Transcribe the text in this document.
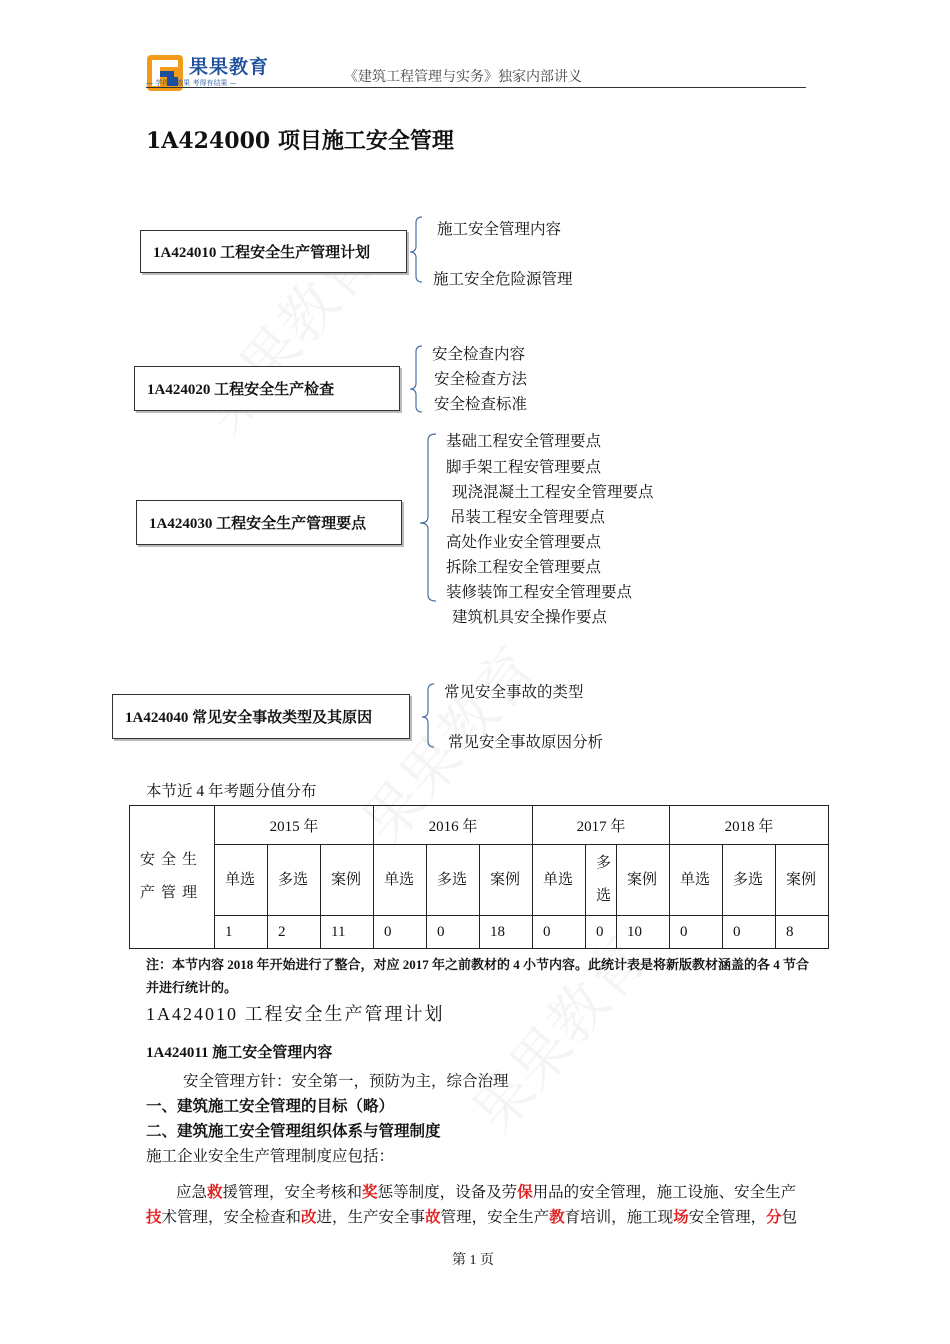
果果教育
— 学得有效果 考得有结果 —	《建筑工程管理与实务》独家内部讲义
1A424000 项目施工安全管理
1A424010 工程安全生产管理计划
施工安全管理内容
施工安全危险源管理
1A424020 工程安全生产检查
安全检查内容
安全检查方法
安全检查标准
1A424030 工程安全生产管理要点
基础工程安全管理要点
脚手架工程安管理要点
现浇混凝土工程安全管理要点
吊装工程安全管理要点
高处作业安全管理要点
拆除工程安全管理要点
装修装饰工程安全管理要点
建筑机具安全操作要点
1A424040 常见安全事故类型及其原因
常见安全事故的类型
常见安全事故原因分析
本节近 4 年考题分值分布
安全生产管理	2015 年			2016 年			2017 年			2018 年		
	单选	多选	案例	单选	多选	案例	单选	多选	案例	单选	多选	案例
	1	2	11	0	0	18	0	0	10	0	0	8
注：本节内容 2018 年开始进行了整合，对应 2017 年之前教材的 4 小节内容。此统计表是将新版教材涵盖的各 4 节合并进行统计的。
1A424010 工程安全生产管理计划
1A424011 施工安全管理内容
安全管理方针：安全第一，预防为主，综合治理
一、建筑施工安全管理的目标（略）
二、建筑施工安全管理组织体系与管理制度
施工企业安全生产管理制度应包括：
应急救援管理，安全考核和奖惩等制度，设备及劳保用品的安全管理，施工设施、安全生产
技术管理，安全检查和改进，生产安全事故管理，安全生产教育培训，施工现场安全管理，分包
第 1 页
